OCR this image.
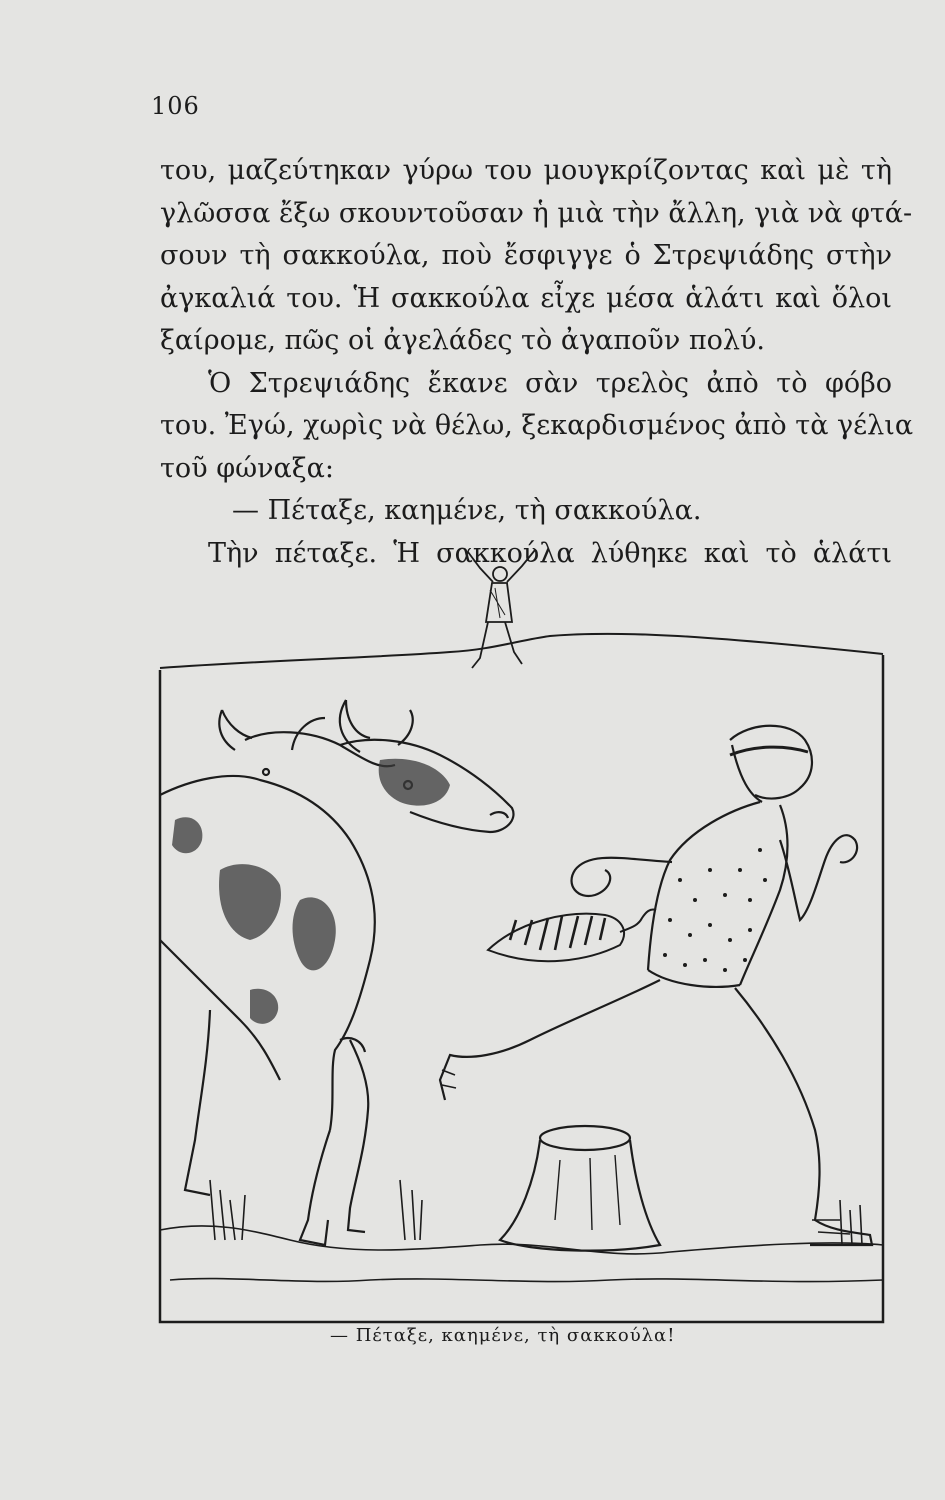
106
του, μαζεύτηκαν γύρω του μουγκρίζοντας καὶ μὲ τὴ
γλῶσσα ἔξω σκουντοῦσαν ἡ μιὰ τὴν ἄλλη, γιὰ νὰ φτά-
σουν τὴ σακκούλα, ποὺ ἔσφιγγε ὁ Στρεψιάδης στὴν
ἀγκαλιά του. Ἡ σακκούλα εἶχε μέσα ἁλάτι καὶ ὅλοι
ξαίρομε, πῶς οἱ ἀγελάδες τὸ ἀγαποῦν πολύ.
Ὁ Στρεψιάδης ἔκανε σὰν τρελὸς ἀπὸ τὸ φόβο
του. Ἐγώ, χωρὶς νὰ θέλω, ξεκαρδισμένος ἀπὸ τὰ γέλια
τοῦ φώναξα:
— Πέταξε, καημένε, τὴ σακκούλα.
Τὴν πέταξε. Ἡ σακκούλα λύθηκε καὶ τὸ ἁλάτι
— Πέταξε, καημένε, τὴ σακκούλα!
